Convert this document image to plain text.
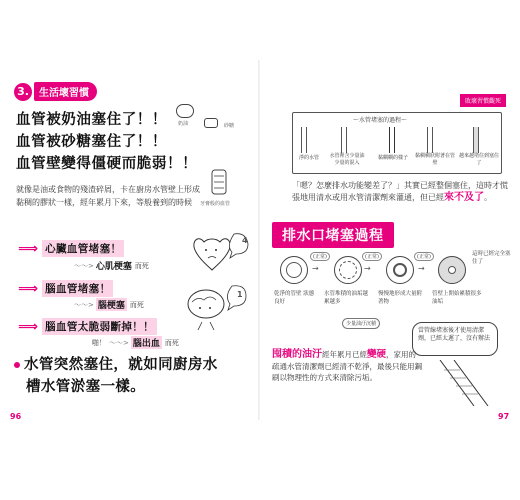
3.	生活壞習慣
血管被奶油塞住了！！
血管被砂糖塞住了！！
血管壁變得僵硬而脆弱！！
奶油	砂糖
牙膏般的血管
就像是油或食物的殘渣碎屑，卡在廚房水管壁上形成黏稠的膠狀一樣，經年累月下來，等般養到的時候
⟹ 心臟血管堵塞！
～～> 心肌梗塞 而死
⟹ 腦血管堵塞！
～～> 腦梗塞 而死
⟹ 腦血管太脆弱斷掉！！
啪！ ～～> 腦出血 而死
4
1
水管突然塞住，就如同廚房水
槽水管淤塞一樣。
96
敗壞習慣觀死
～水管堵塞的過程～
淨的水管	水管裡含少量油 少量的混入
黏糊糊的樣子	黏稠稠狀附著在管壁
越來越堵住到塞住了
「嗯？怎麼排水功能變差了？」其實已經整個塞住，這時才慌張地用清水或用水管清潔劑來灌通，但已經來不及了。
排水口堵塞過程
(正常)	(正常)	(正常)
→	→	→
這時已經完全塞住了
乾淨的管壁 狀態良好
水管堆積的油垢越累越多
慢慢地形成大量附著物
管壁上開始累積很多油垢
少量油汙沉積
當管線堵塞後才使用清潔劑，已經太遲了，沒有辦法
囤積的油汙經年累月已經變硬，家用的疏通水管清潔劑已經清不乾淨，最後只能用鋼刷以物理性的方式來清除污垢。
97
